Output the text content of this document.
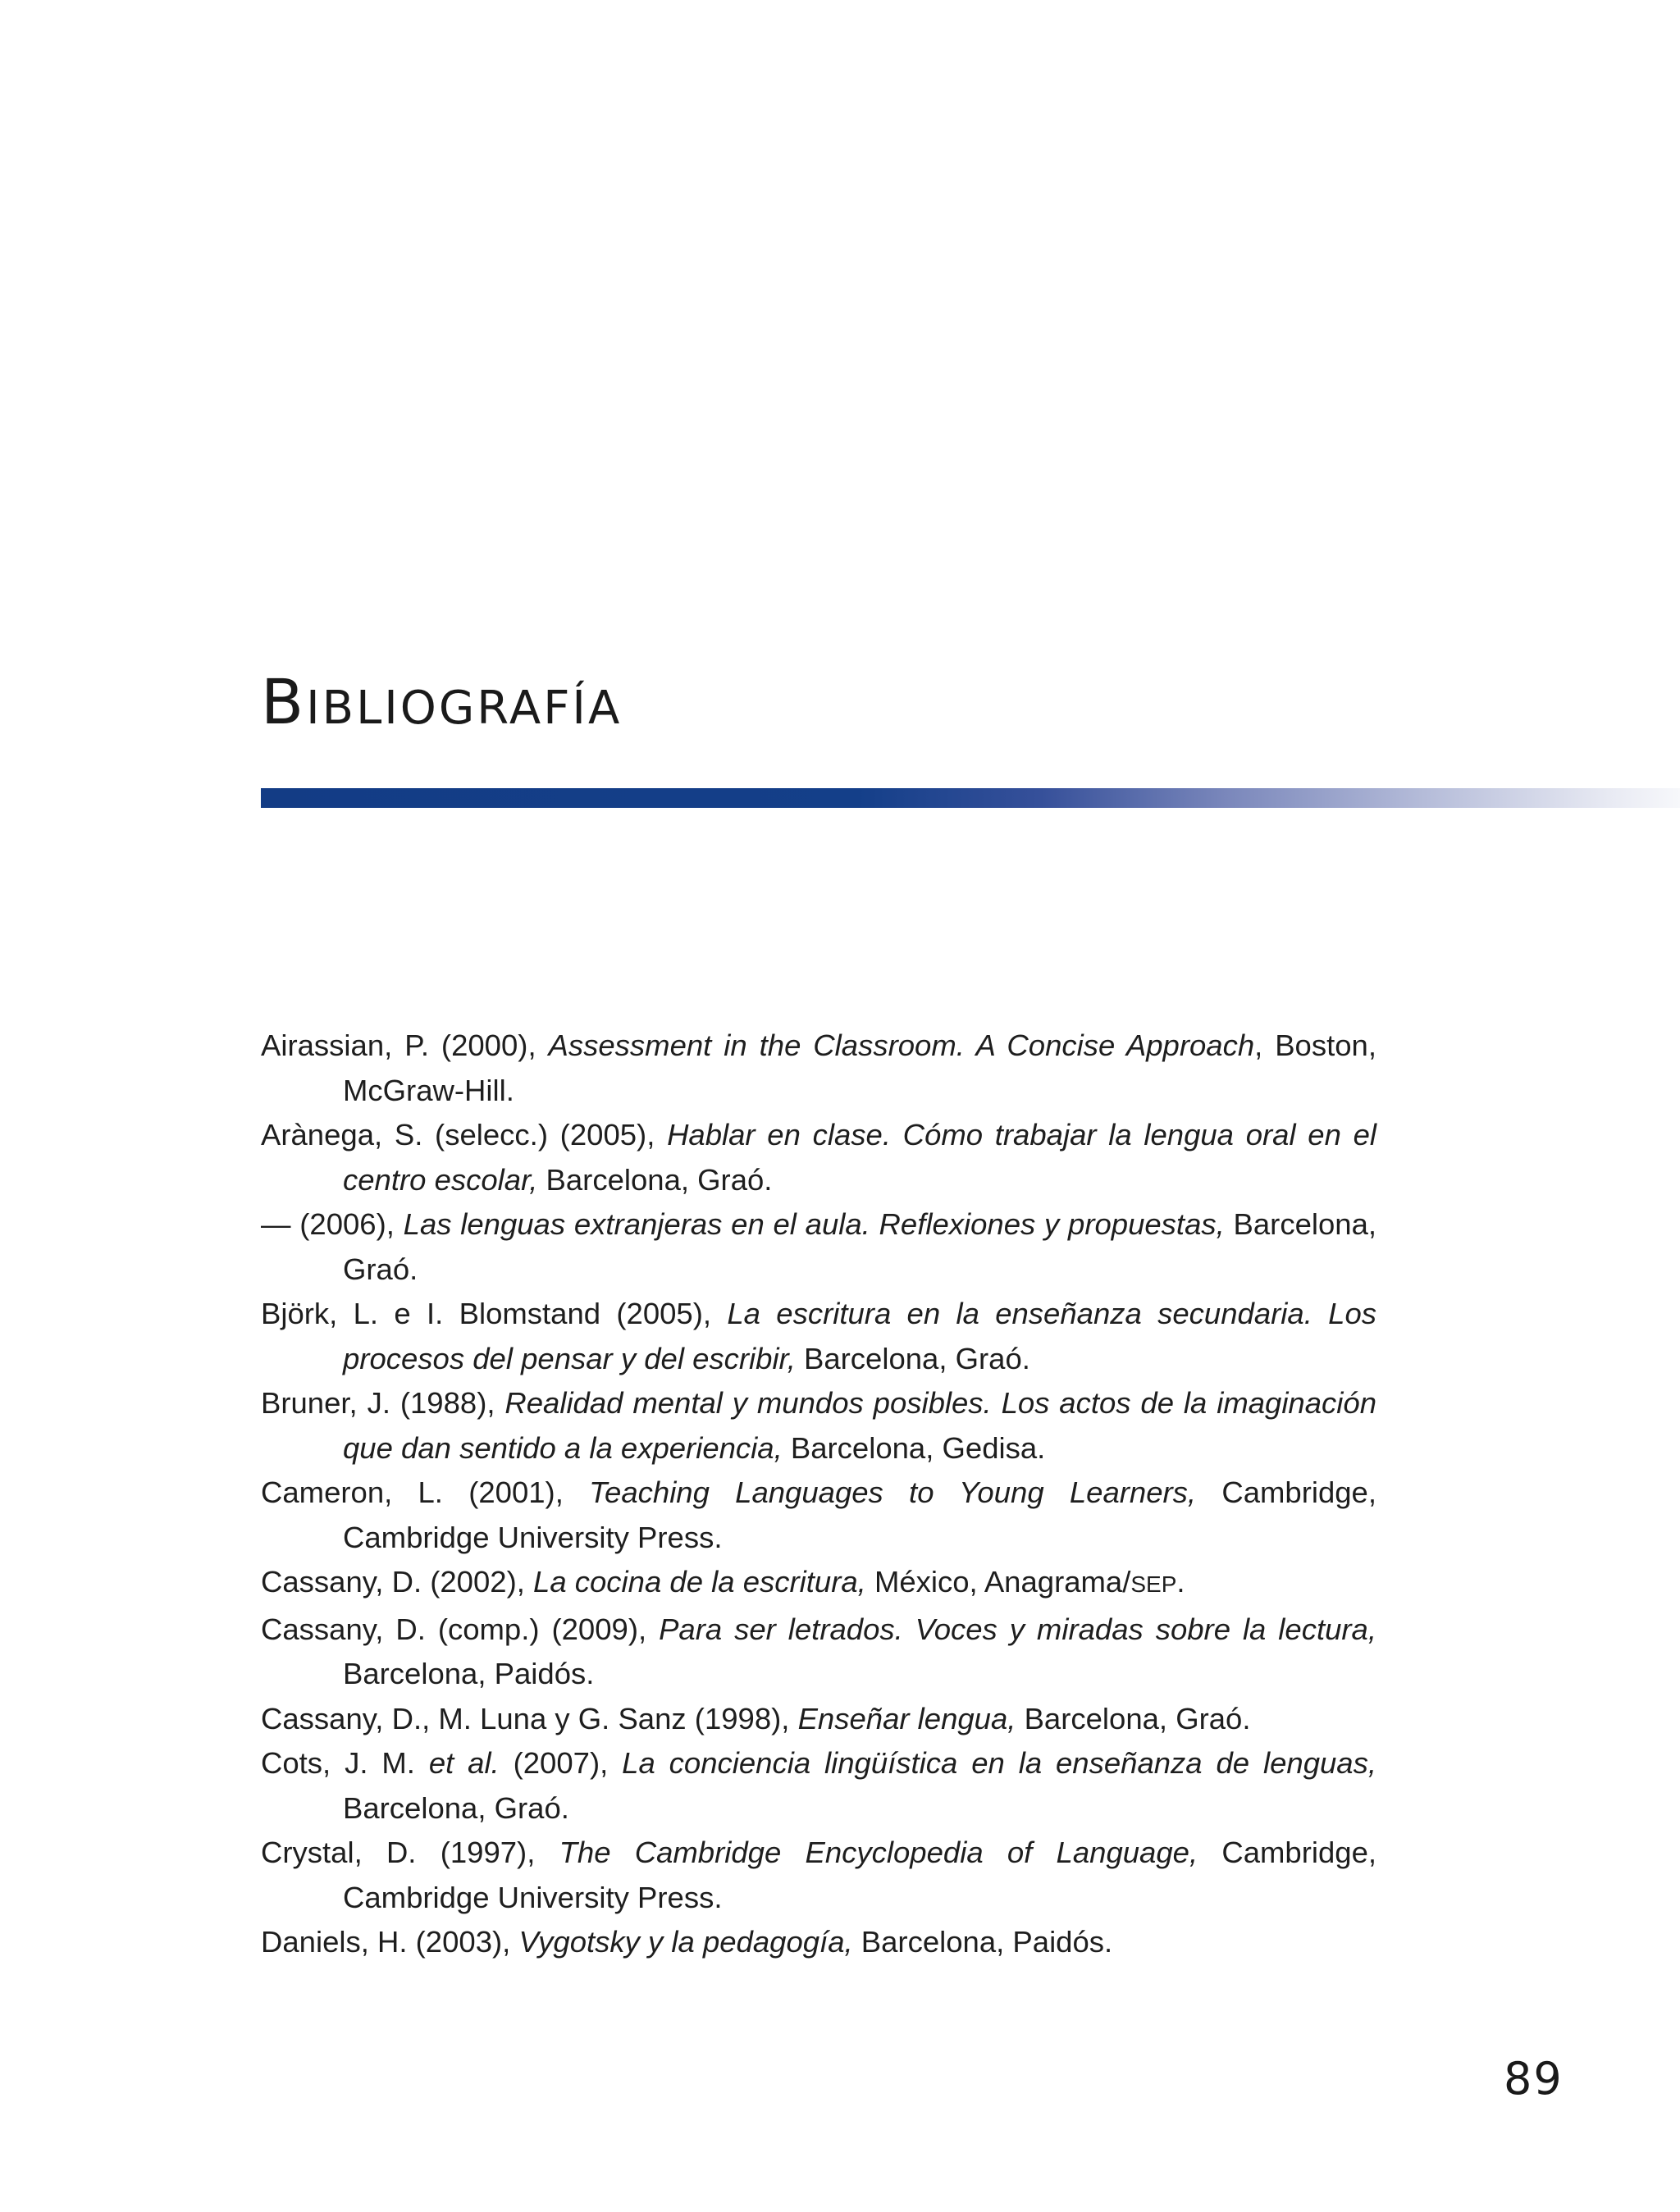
BIBLIOGRAFÍA
Airassian, P. (2000), Assessment in the Classroom. A Concise Approach, Boston, McGraw-Hill.
Arànega, S. (selecc.) (2005), Hablar en clase. Cómo trabajar la lengua oral en el centro escolar, Barcelona, Graó.
— (2006), Las lenguas extranjeras en el aula. Reflexiones y propuestas, Barcelona, Graó.
Björk, L. e I. Blomstand (2005), La escritura en la enseñanza secundaria. Los procesos del pensar y del escribir, Barcelona, Graó.
Bruner, J. (1988), Realidad mental y mundos posibles. Los actos de la imaginación que dan sentido a la experiencia, Barcelona, Gedisa.
Cameron, L. (2001), Teaching Languages to Young Learners, Cambridge, Cambridge University Press.
Cassany, D. (2002), La cocina de la escritura, México, Anagrama/SEP.
Cassany, D. (comp.) (2009), Para ser letrados. Voces y miradas sobre la lectura, Barcelona, Paidós.
Cassany, D., M. Luna y G. Sanz (1998), Enseñar lengua, Barcelona, Graó.
Cots, J. M. et al. (2007), La conciencia lingüística en la enseñanza de lenguas, Barcelona, Graó.
Crystal, D. (1997), The Cambridge Encyclopedia of Language, Cambridge, Cambridge University Press.
Daniels, H. (2003), Vygotsky y la pedagogía, Barcelona, Paidós.
89
